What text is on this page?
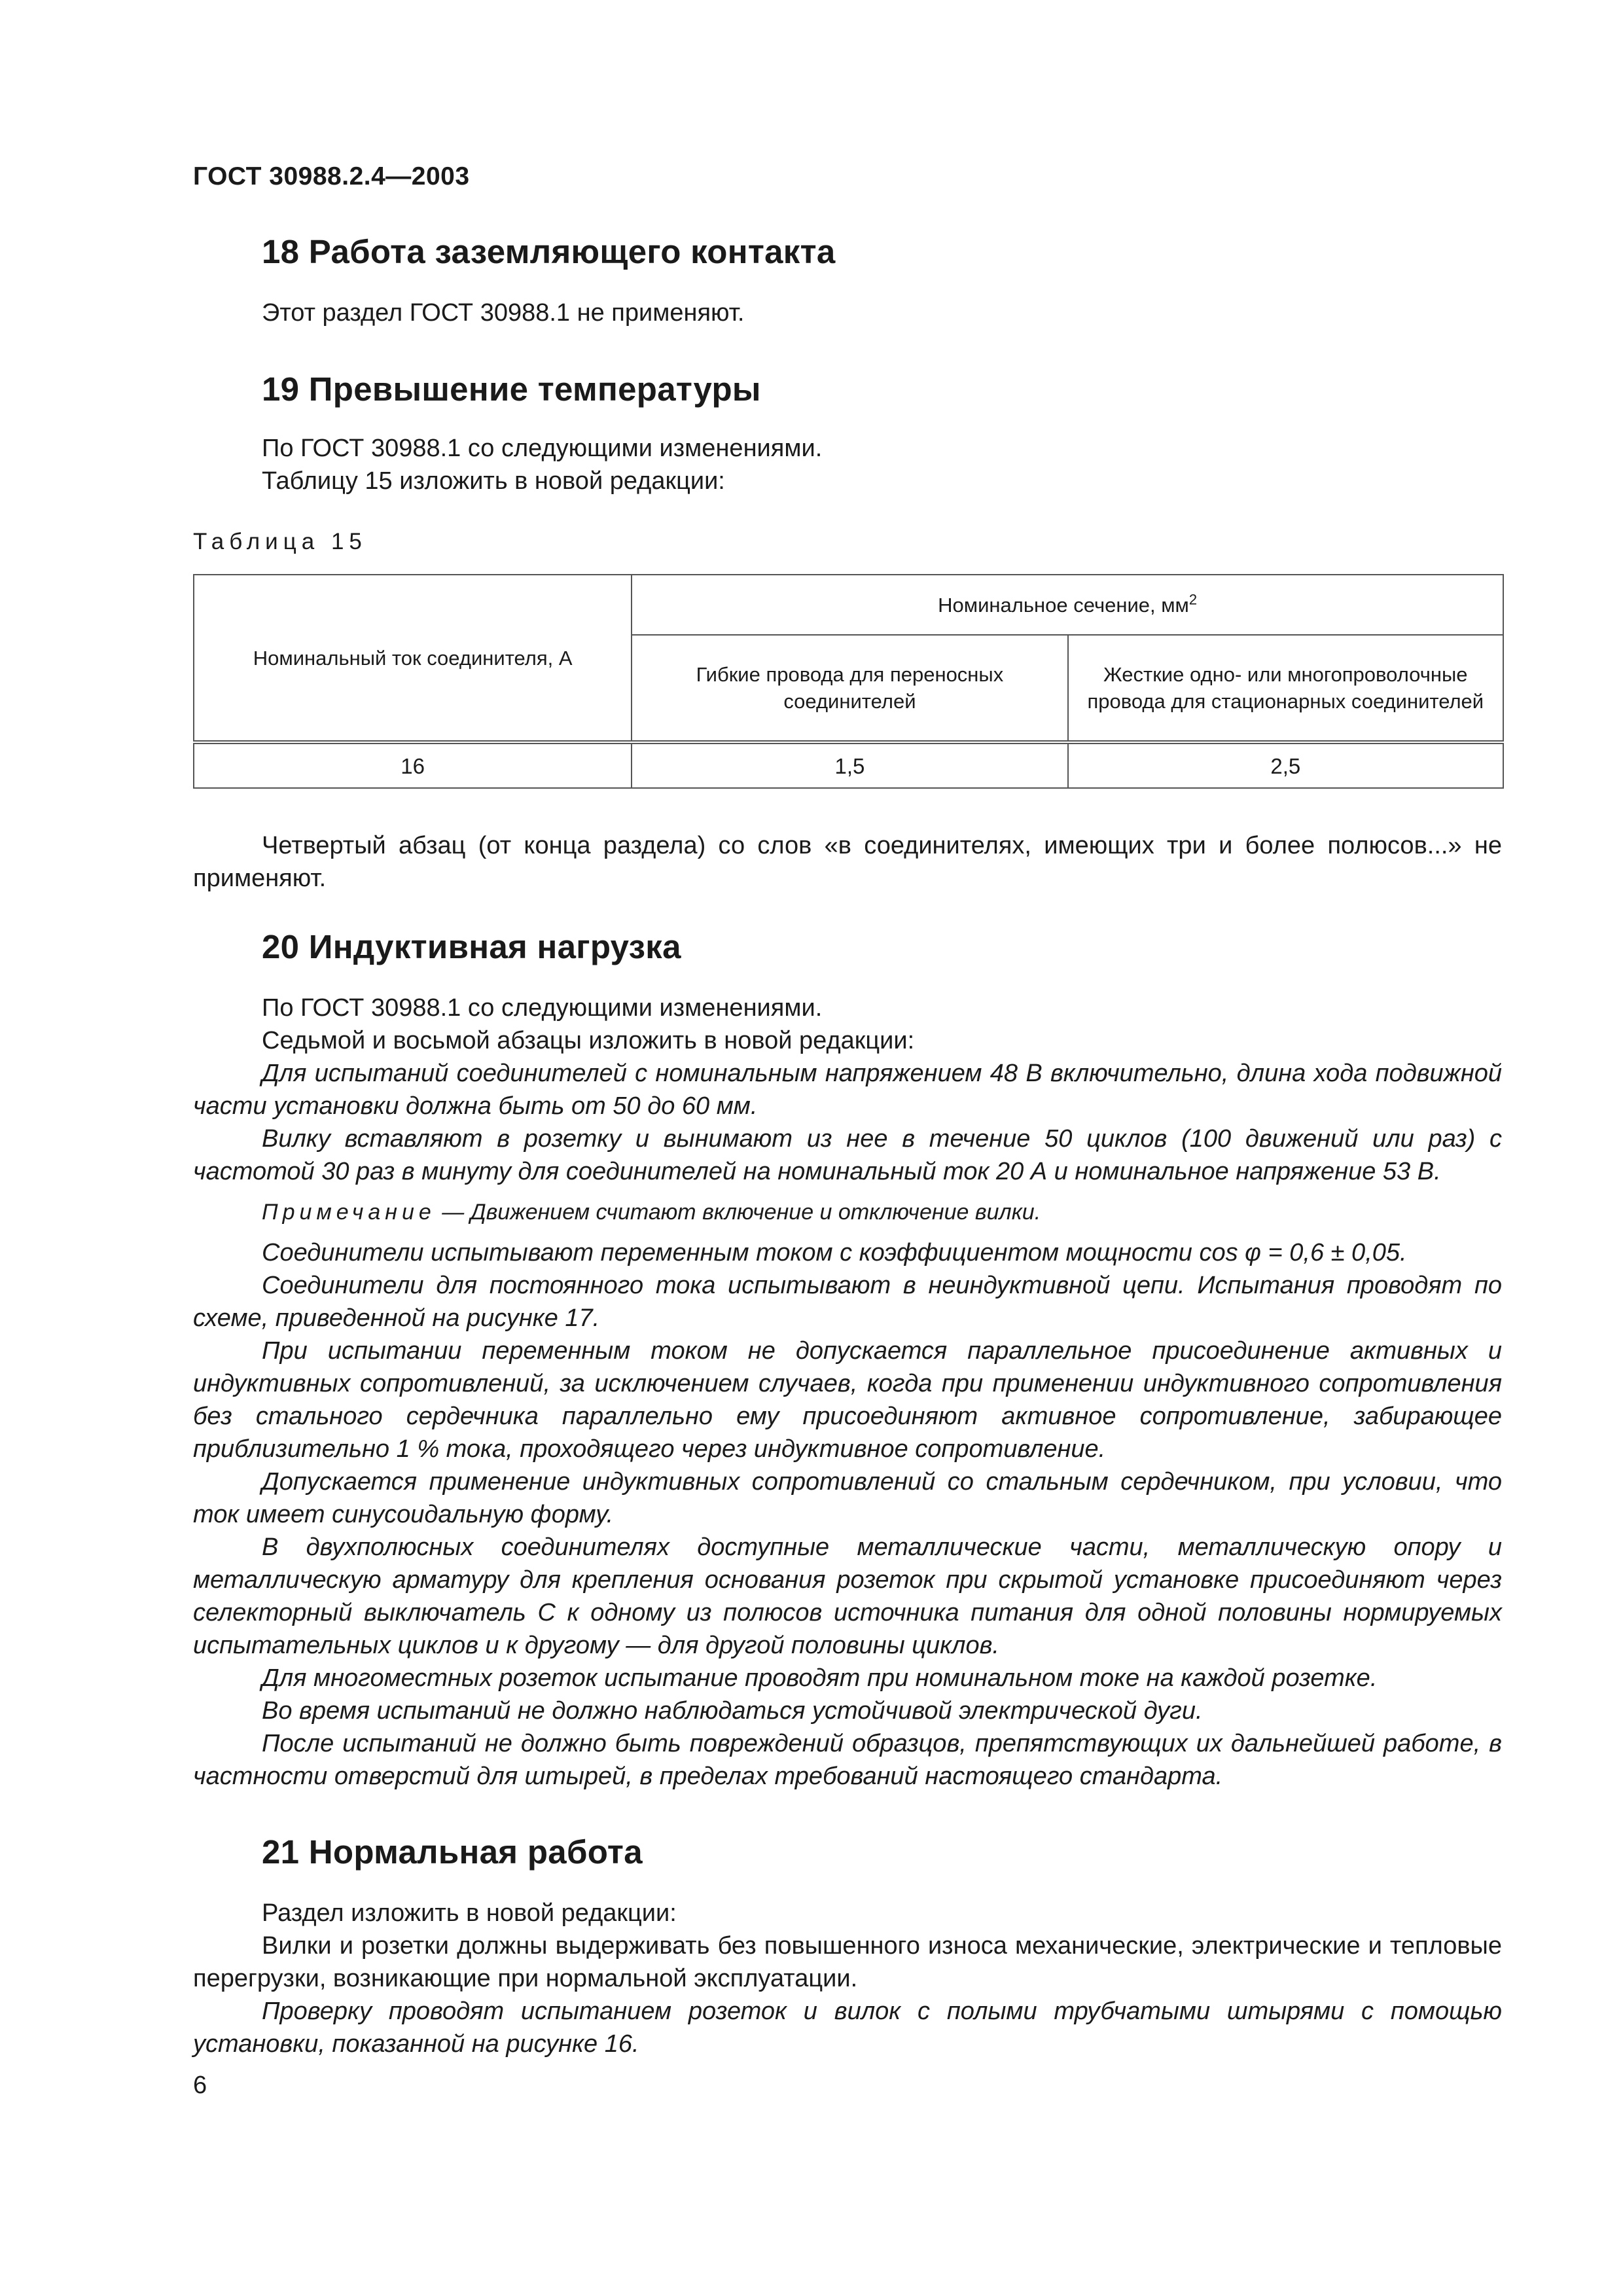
ГОСТ 30988.2.4—2003
18 Работа заземляющего контакта

Этот раздел ГОСТ 30988.1 не применяют.

19 Превышение температуры

По ГОСТ 30988.1 со следующими изменениями.

Таблицу 15 изложить в новой редакции:

Таблица 15
Номинальный ток соединителя, А	Номинальное сечение, $мм^2$
	Гибкие провода для переносных соединителей	Жесткие одно- или многопроволочные провода для стационарных соединителей
16	1,5	2,5

Четвертый абзац (от конца раздела) со слов «в соединителях, имеющих три и более полюсов...» не применяют.

20 Индуктивная нагрузка

По ГОСТ 30988.1 со следующими изменениями.

Седьмой и восьмой абзацы изложить в новой редакции:

Для испытаний соединителей с номинальным напряжением 48 В включительно, длина хода подвижной части установки должна быть от 50 до 60 мм.

Вилку вставляют в розетку и вынимают из нее в течение 50 циклов (100 движений или раз) с частотой 30 раз в минуту для соединителей на номинальный ток 20 А и номинальное напряжение 53 В.

Примечание — Движением считают включение и отключение вилки.

Соединители испытывают переменным током с коэффициентом мощности cos φ = 0,6 ± 0,05.

Соединители для постоянного тока испытывают в неиндуктивной цепи. Испытания проводят по схеме, приведенной на рисунке 17.

При испытании переменным током не допускается параллельное присоединение активных и индуктивных сопротивлений, за исключением случаев, когда при применении индуктивного сопротивления без стального сердечника параллельно ему присоединяют активное сопротивление, забирающее приблизительно 1 % тока, проходящего через индуктивное сопротивление.

Допускается применение индуктивных сопротивлений со стальным сердечником, при условии, что ток имеет синусоидальную форму.

В двухполюсных соединителях доступные металлические части, металлическую опору и металлическую арматуру для крепления основания розеток при скрытой установке присоединяют через селекторный выключатель С к одному из полюсов источника питания для одной половины нормируемых испытательных циклов и к другому — для другой половины циклов.

Для многоместных розеток испытание проводят при номинальном токе на каждой розетке.

Во время испытаний не должно наблюдаться устойчивой электрической дуги.

После испытаний не должно быть повреждений образцов, препятствующих их дальнейшей работе, в частности отверстий для штырей, в пределах требований настоящего стандарта.

21 Нормальная работа

Раздел изложить в новой редакции:

Вилки и розетки должны выдерживать без повышенного износа механические, электрические и тепловые перегрузки, возникающие при нормальной эксплуатации.

Проверку проводят испытанием розеток и вилок с полыми трубчатыми штырями с помощью установки, показанной на рисунке 16.

6
